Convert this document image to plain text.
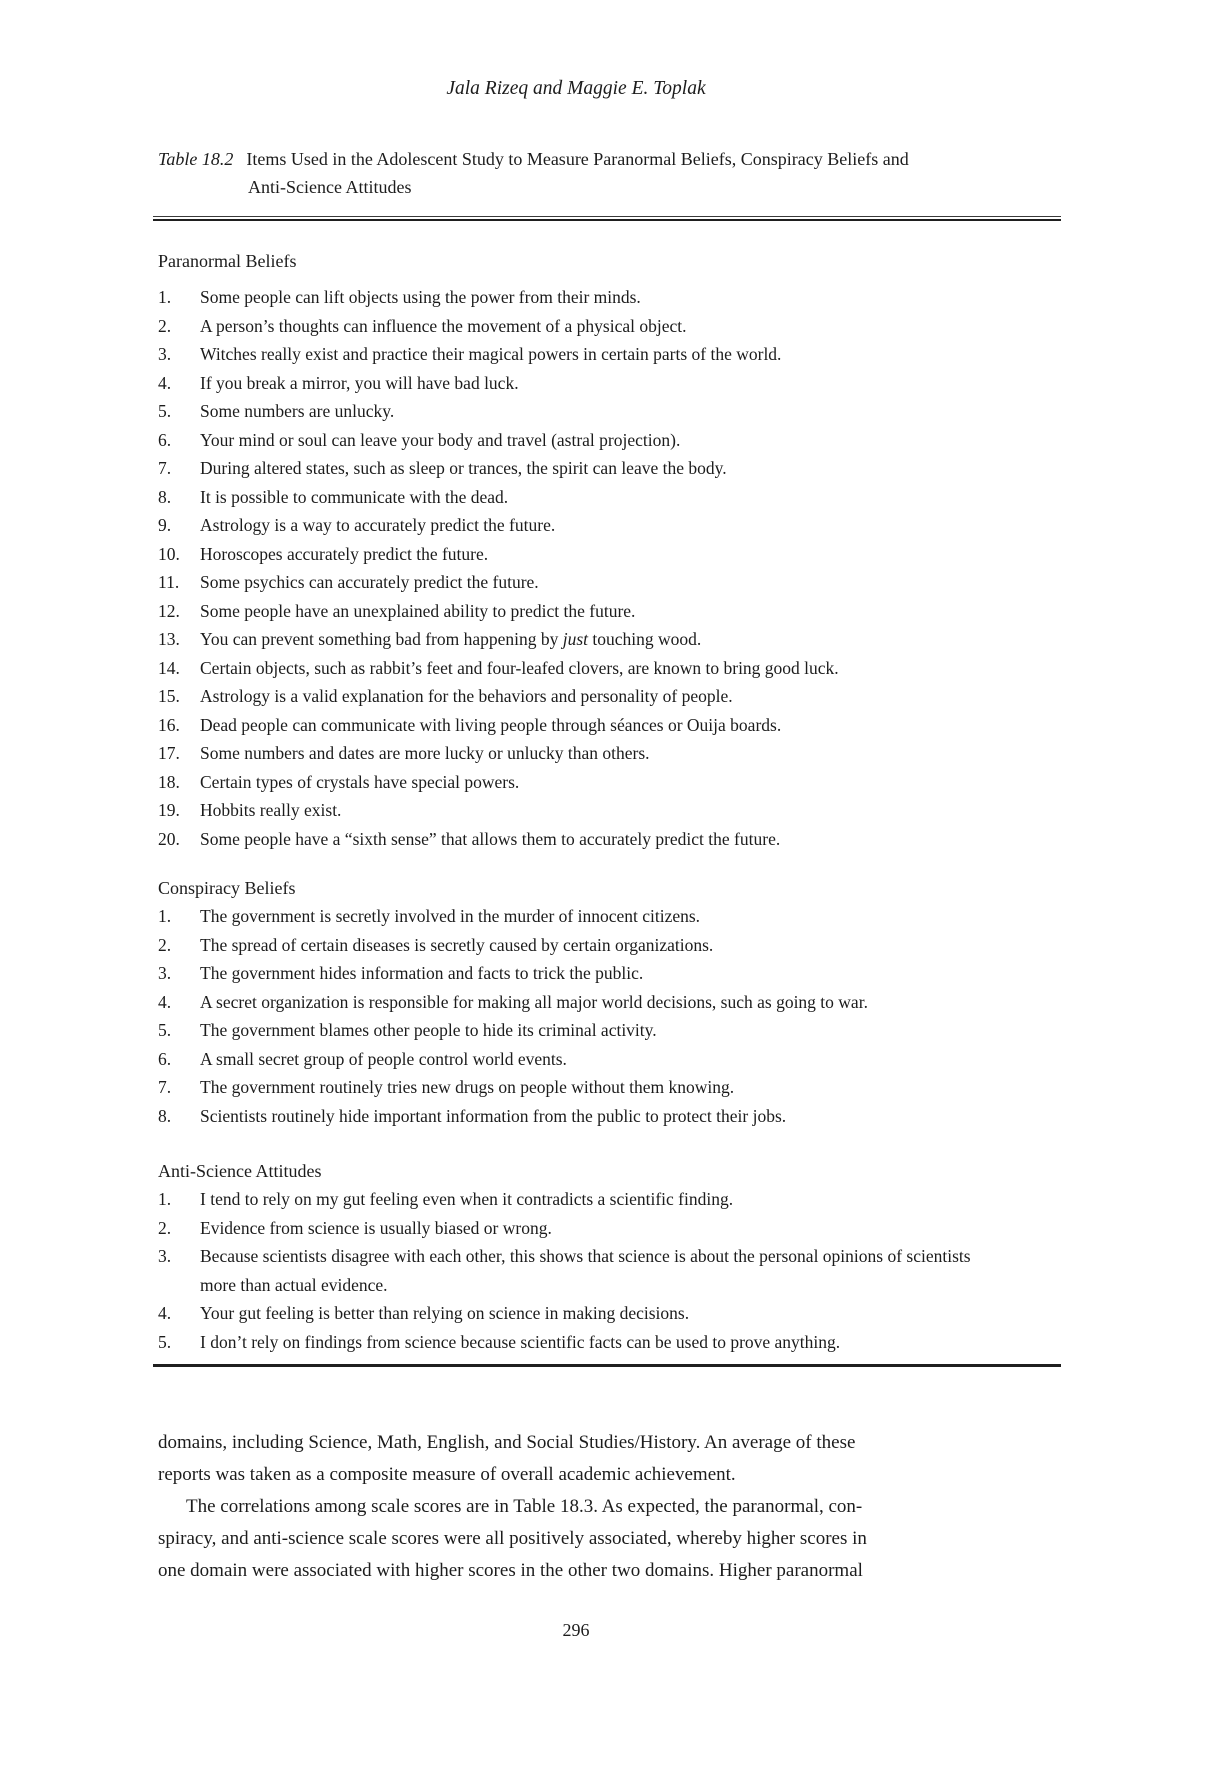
Jala Rizeq and Maggie E. Toplak
Table 18.2 Items Used in the Adolescent Study to Measure Paranormal Beliefs, Conspiracy Beliefs and
Anti-Science Attitudes
Paranormal Beliefs
1. Some people can lift objects using the power from their minds.
2. A person’s thoughts can influence the movement of a physical object.
3. Witches really exist and practice their magical powers in certain parts of the world.
4. If you break a mirror, you will have bad luck.
5. Some numbers are unlucky.
6. Your mind or soul can leave your body and travel (astral projection).
7. During altered states, such as sleep or trances, the spirit can leave the body.
8. It is possible to communicate with the dead.
9. Astrology is a way to accurately predict the future.
10. Horoscopes accurately predict the future.
11. Some psychics can accurately predict the future.
12. Some people have an unexplained ability to predict the future.
13. You can prevent something bad from happening by just touching wood.
14. Certain objects, such as rabbit’s feet and four-leafed clovers, are known to bring good luck.
15. Astrology is a valid explanation for the behaviors and personality of people.
16. Dead people can communicate with living people through séances or Ouija boards.
17. Some numbers and dates are more lucky or unlucky than others.
18. Certain types of crystals have special powers.
19. Hobbits really exist.
20. Some people have a “sixth sense” that allows them to accurately predict the future.
Conspiracy Beliefs
1. The government is secretly involved in the murder of innocent citizens.
2. The spread of certain diseases is secretly caused by certain organizations.
3. The government hides information and facts to trick the public.
4. A secret organization is responsible for making all major world decisions, such as going to war.
5. The government blames other people to hide its criminal activity.
6. A small secret group of people control world events.
7. The government routinely tries new drugs on people without them knowing.
8. Scientists routinely hide important information from the public to protect their jobs.
Anti-Science Attitudes
1. I tend to rely on my gut feeling even when it contradicts a scientific finding.
2. Evidence from science is usually biased or wrong.
3. Because scientists disagree with each other, this shows that science is about the personal opinions of scientists more than actual evidence.
4. Your gut feeling is better than relying on science in making decisions.
5. I don’t rely on findings from science because scientific facts can be used to prove anything.
domains, including Science, Math, English, and Social Studies/History. An average of these
reports was taken as a composite measure of overall academic achievement.
The correlations among scale scores are in Table 18.3. As expected, the paranormal, con-
spiracy, and anti-science scale scores were all positively associated, whereby higher scores in
one domain were associated with higher scores in the other two domains. Higher paranormal
296
